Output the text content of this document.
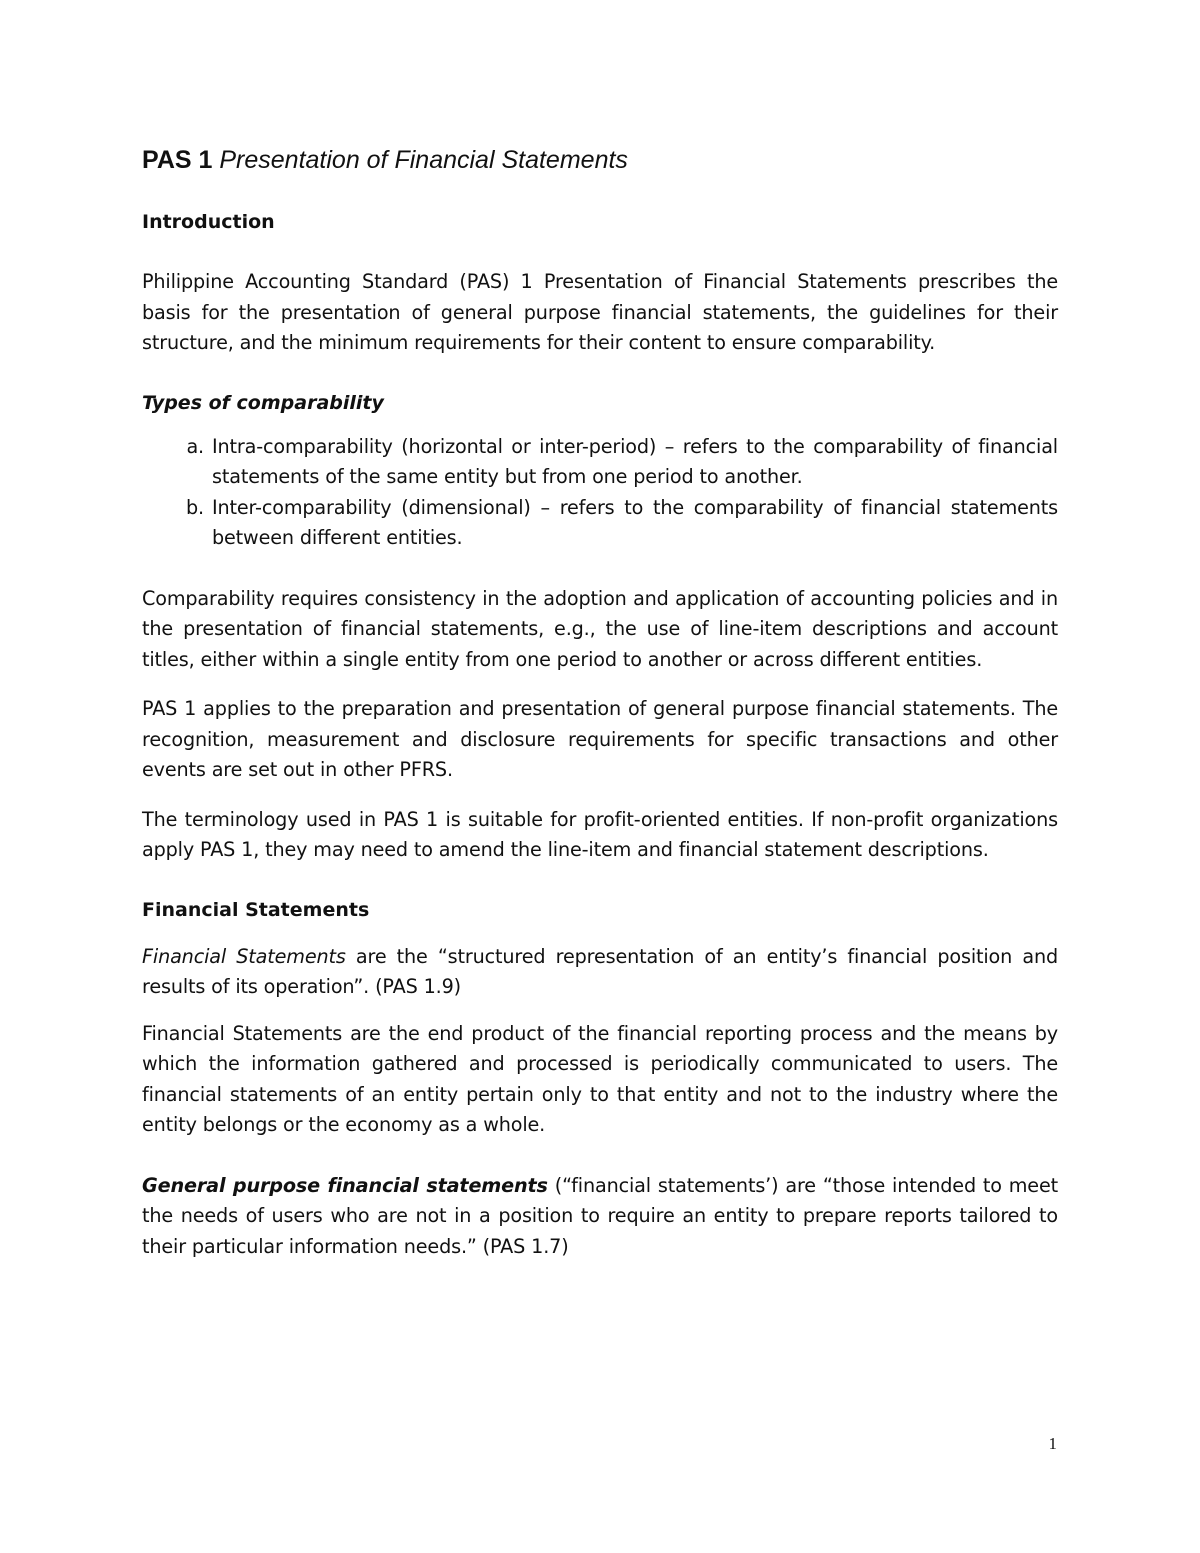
PAS 1 Presentation of Financial Statements
Introduction

Philippine Accounting Standard (PAS) 1 Presentation of Financial Statements prescribes the basis for the presentation of general purpose financial statements, the guidelines for their structure, and the minimum requirements for their content to ensure comparability.

Types of comparability
a. Intra-comparability (horizontal or inter-period) – refers to the comparability of financial statements of the same entity but from one period to another.
b. Inter-comparability (dimensional) – refers to the comparability of financial statements between different entities.

Comparability requires consistency in the adoption and application of accounting policies and in the presentation of financial statements, e.g., the use of line-item descriptions and account titles, either within a single entity from one period to another or across different entities.

PAS 1 applies to the preparation and presentation of general purpose financial statements. The recognition, measurement and disclosure requirements for specific transactions and other events are set out in other PFRS.

The terminology used in PAS 1 is suitable for profit-oriented entities. If non-profit organizations apply PAS 1, they may need to amend the line-item and financial statement descriptions.

Financial Statements

Financial Statements are the “structured representation of an entity’s financial position and results of its operation”. (PAS 1.9)

Financial Statements are the end product of the financial reporting process and the means by which the information gathered and processed is periodically communicated to users. The financial statements of an entity pertain only to that entity and not to the industry where the entity belongs or the economy as a whole.

General purpose financial statements (“financial statements’) are “those intended to meet the needs of users who are not in a position to require an entity to prepare reports tailored to their particular information needs.” (PAS 1.7)

1
